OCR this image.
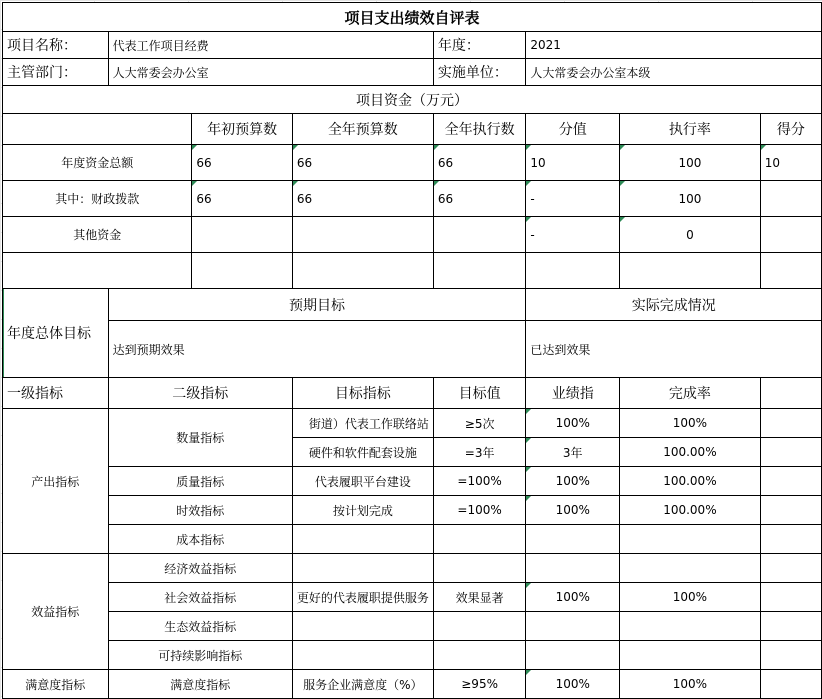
项目支出绩效自评表							
项目名称：	代表工作项目经费			年度：	2021		
主管部门：	人大常委会办公室			实施单位：	人大常委会办公室本级		
项目资金（万元）							
		年初预算数	全年预算数	全年执行数	分值	执行率	得分
年度资金总额		66	66	66	10	100	10
其中：财政拨款		66	66	66	-	100	
其他资金					-	0	

年度总体目标	预期目标				实际完成情况		
	达到预期效果				已达到效果		
一级指标	二级指标		目标指标	目标值	业绩指	完成率	
产出指标	数量指标		街道）代表工作联络站	≥5次	100%	100%	
			硬件和软件配套设施	=3年	3年	100.00%	
	质量指标		代表履职平台建设	=100%	100%	100.00%	
	时效指标		按计划完成	=100%	100%	100.00%	
	成本指标						
效益指标	经济效益指标						
	社会效益指标		更好的代表履职提供服务	效果显著	100%	100%	
	生态效益指标						
	可持续影响指标						
满意度指标	满意度指标		服务企业满意度（%）	≥95%	100%	100%	
